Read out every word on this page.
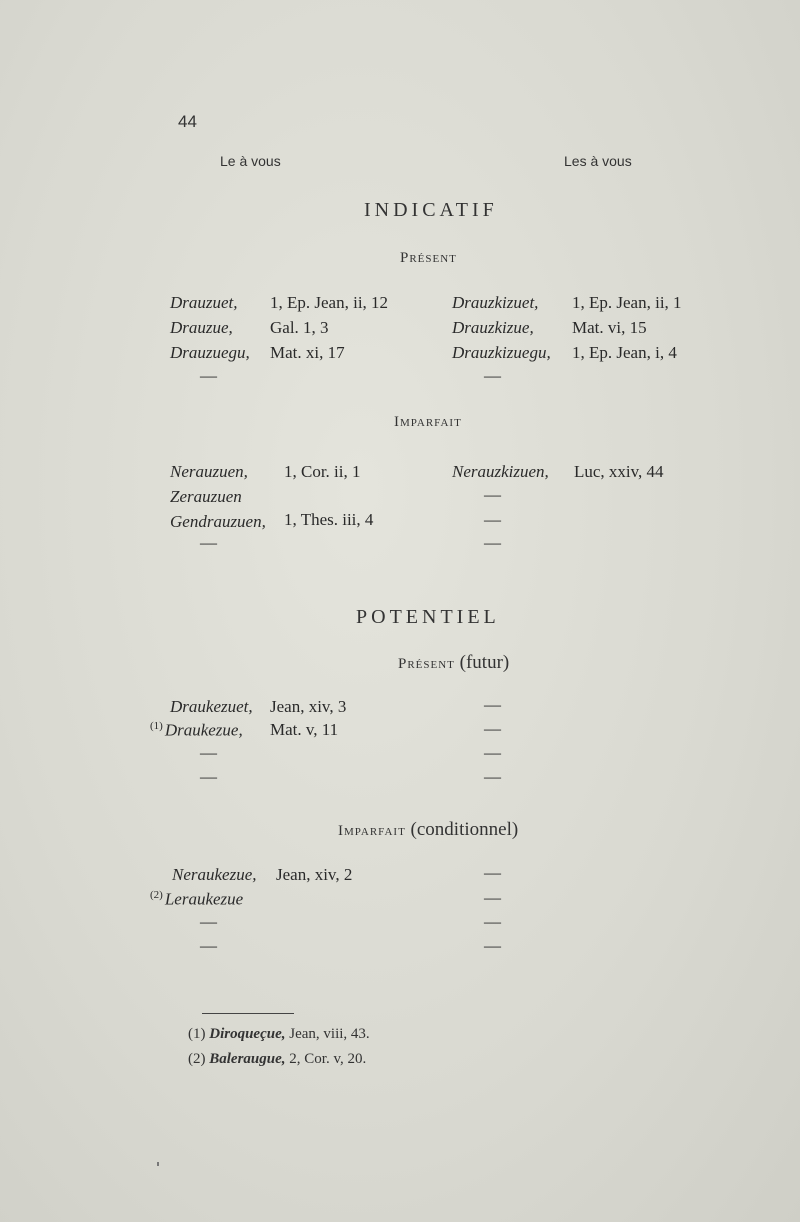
44
Le à vous	Les à vous
INDICATIF
Présent
Drauzuet, 1, Ep. Jean, ii, 12	Drauzkizuet, 1, Ep. Jean, ii, 1
Drauzue, Gal. 1, 3	Drauzkizue, Mat. vi, 15
Drauzuegu, Mat. xi, 17	Drauzkizuegu, 1, Ep. Jean, i, 4
—	—
Imparfait
Nerauzuen, 1, Cor. ii, 1	Nerauzkizuen, Luc, xxiv, 44
Zerauzuen	—
Gendrauzuen, 1, Thes. iii, 4	—
—	—
POTENTIEL
Présent (futur)
Draukezuet, Jean, xiv, 3	—
$^{(1)}$ Draukezue, Mat. v, 11	—
—	—
—	—
Imparfait (conditionnel)
Neraukezue, Jean, xiv, 2	—
$^{(2)}$ Leraukezue	—
—	—
—	—
(1) Diroqueçue, Jean, viii, 43.
(2) Baleraugue, 2, Cor. v, 20.
